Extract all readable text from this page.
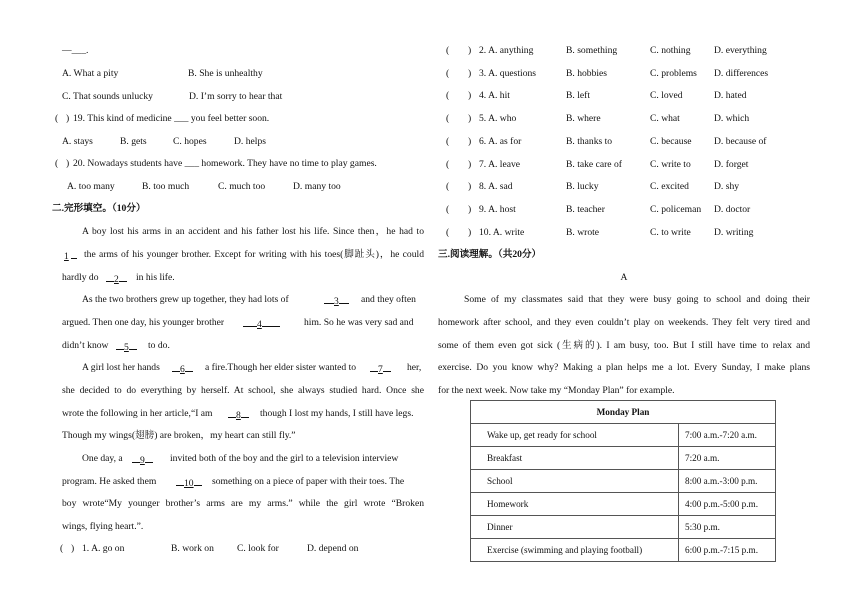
—___.
A. What a pity	B. She is unhealthy
C. That sounds unlucky	D. I’m sorry to hear that
( ) 19. This kind of medicine ___ you feel better soon.
A. stays	B. gets	C. hopes	D. helps
( ) 20. Nowadays students have ___ homework. They have no time to play games.
A. too many	B. too much	C. much too	D. many too
二.完形填空。（10分）
A boy lost his arms in an accident and his father lost his life. Since then，he had to
1	the arms of his younger brother. Except for writing with his toes(脚趾头)，he could
hardly do	2	in his life.
As the two brothers grew up together, they had lots of	3	and they often
argued. Then one day, his younger brother	4	him. So he was very sad and
didn’t know	5	to do.
A girl lost her hands	6	a fire.Though her elder sister wanted to	7	her,
she decided to do everything by herself. At school, she always studied hard. Once she
wrote the following in her article,“I am	8	though I lost my hands, I still have legs.
Though my wings(翅膀) are broken，my heart can still fly.”
One day, a	9	invited both of the boy and the girl to a television interview
program. He asked them	10	something on a piece of paper with their toes. The
boy wrote“My younger brother’s arms are my arms.” while the girl wrote “Broken
wings, flying heart.”.
( ) 1. A. go on	B. work on C. look for	D. depend on
( ) 2. A. anything	B. something	C. nothing D. everything
( ) 3. A. questions	B. hobbies	C. problems D. differences
( ) 4. A. hit	B. left	C. loved	D. hated
( ) 5. A. who	B. where	C. what	D. which
( ) 6. A. as for	B. thanks to	C. because D. because of
( ) 7. A. leave	B. take care of	C. write to D. forget
( ) 8. A. sad	B. lucky	C. excited	D. shy
( ) 9. A. host	B. teacher	C. policeman D. doctor
( ) 10. A. write	B. wrote	C. to write D. writing
三.阅读理解。（共20分）
A
Some of my classmates said that they were busy going to school and doing their
homework after school, and they even couldn’t play on weekends. They felt very tired and
some of them even got sick (生病的). I am busy, too. But I still have time to relax and
exercise. Do you know why? Making a plan helps me a lot. Every Sunday, I make plans
for the next week. Now take my “Monday Plan” for example.
Monday Plan	
Wake up, get ready for school	7:00 a.m.-7:20 a.m.
Breakfast	7:20 a.m.
School	8:00 a.m.-3:00 p.m.
Homework	4:00 p.m.-5:00 p.m.
Dinner	5:30 p.m.
Exercise (swimming and playing football)	6:00 p.m.-7:15 p.m.
